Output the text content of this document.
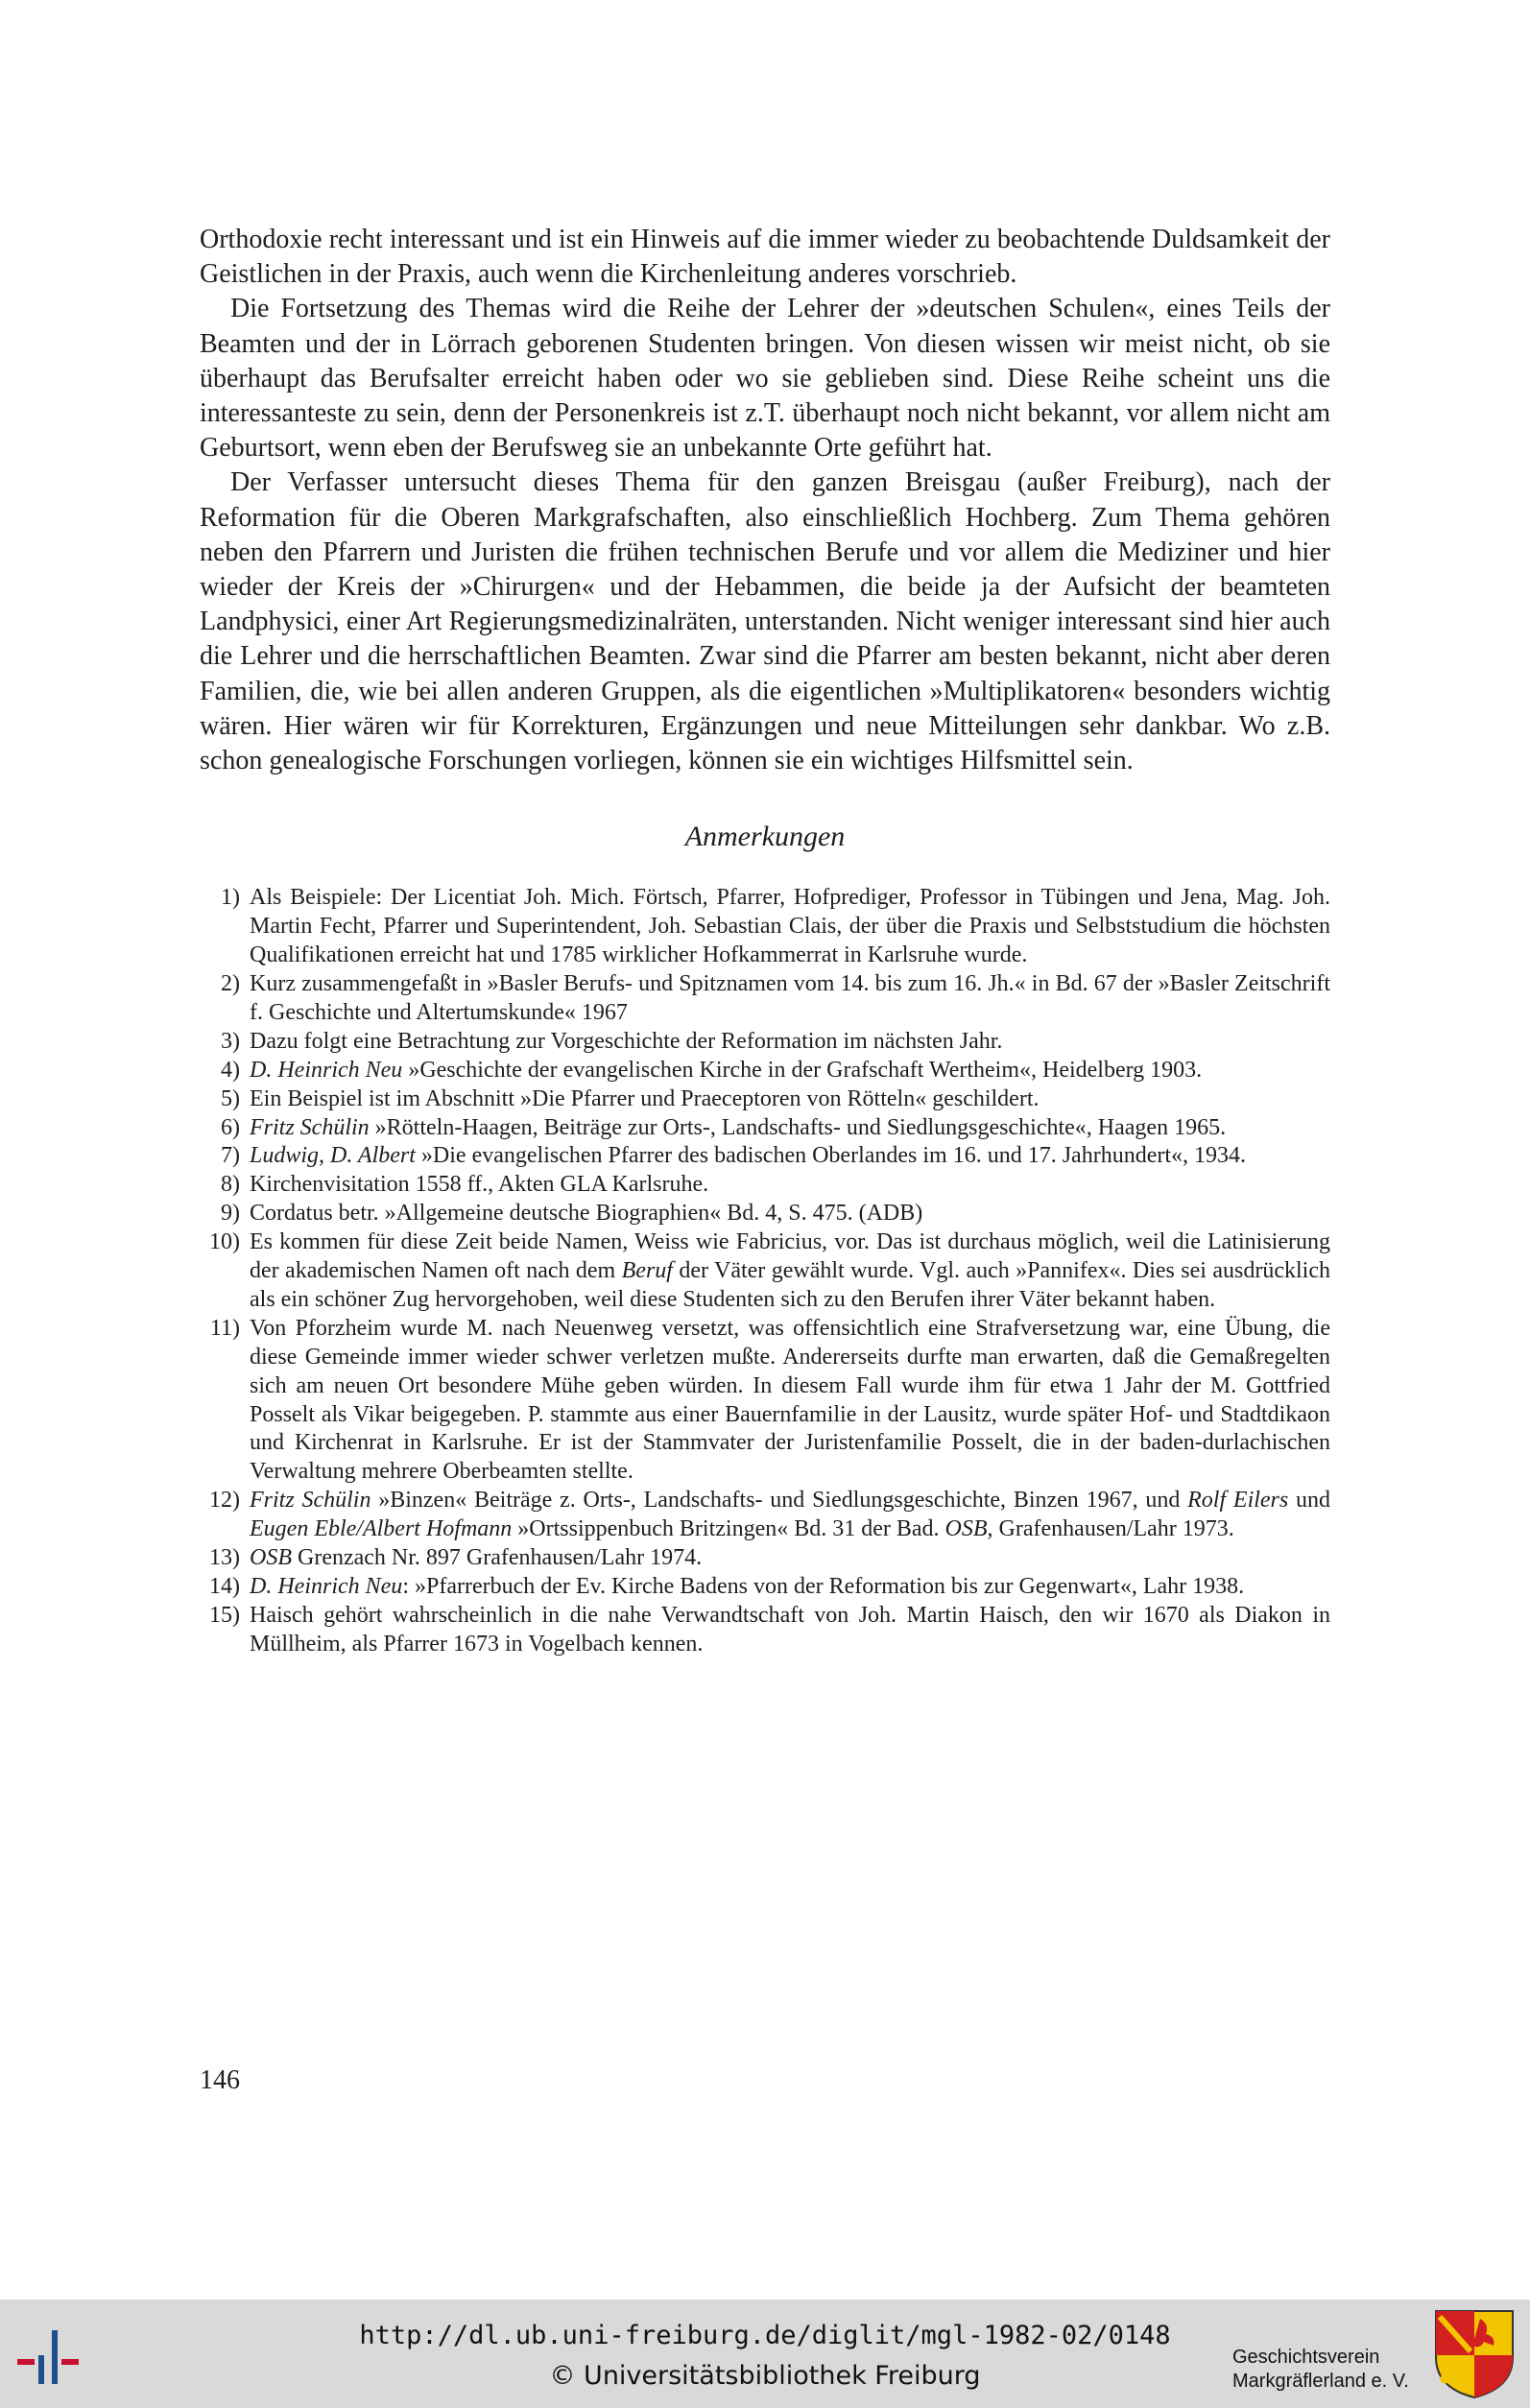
Orthodoxie recht interessant und ist ein Hinweis auf die immer wieder zu beobachtende Duldsamkeit der Geistlichen in der Praxis, auch wenn die Kirchenleitung anderes vorschrieb.

Die Fortsetzung des Themas wird die Reihe der Lehrer der »deutschen Schulen«, eines Teils der Beamten und der in Lörrach geborenen Studenten bringen. Von diesen wissen wir meist nicht, ob sie überhaupt das Berufsalter erreicht haben oder wo sie geblieben sind. Diese Reihe scheint uns die interessanteste zu sein, denn der Personenkreis ist z.T. überhaupt noch nicht bekannt, vor allem nicht am Geburtsort, wenn eben der Berufsweg sie an unbekannte Orte geführt hat.

Der Verfasser untersucht dieses Thema für den ganzen Breisgau (außer Freiburg), nach der Reformation für die Oberen Markgrafschaften, also einschließlich Hochberg. Zum Thema gehören neben den Pfarrern und Juristen die frühen technischen Berufe und vor allem die Mediziner und hier wieder der Kreis der »Chirurgen« und der Hebammen, die beide ja der Aufsicht der beamteten Landphysici, einer Art Regierungsmedizinalräten, unterstanden. Nicht weniger interessant sind hier auch die Lehrer und die herrschaftlichen Beamten. Zwar sind die Pfarrer am besten bekannt, nicht aber deren Familien, die, wie bei allen anderen Gruppen, als die eigentlichen »Multiplikatoren« besonders wichtig wären. Hier wären wir für Korrekturen, Ergänzungen und neue Mitteilungen sehr dankbar. Wo z.B. schon genealogische Forschungen vorliegen, können sie ein wichtiges Hilfsmittel sein.

Anmerkungen
1) Als Beispiele: Der Licentiat Joh. Mich. Förtsch, Pfarrer, Hofprediger, Professor in Tübingen und Jena, Mag. Joh. Martin Fecht, Pfarrer und Superintendent, Joh. Sebastian Clais, der über die Praxis und Selbststudium die höchsten Qualifikationen erreicht hat und 1785 wirklicher Hofkammerrat in Karlsruhe wurde.
2) Kurz zusammengefaßt in »Basler Berufs- und Spitznamen vom 14. bis zum 16. Jh.« in Bd. 67 der »Basler Zeitschrift f. Geschichte und Altertumskunde« 1967
3) Dazu folgt eine Betrachtung zur Vorgeschichte der Reformation im nächsten Jahr.
4) D. Heinrich Neu »Geschichte der evangelischen Kirche in der Grafschaft Wertheim«, Heidelberg 1903.
5) Ein Beispiel ist im Abschnitt »Die Pfarrer und Praeceptoren von Rötteln« geschildert.
6) Fritz Schülin »Rötteln-Haagen, Beiträge zur Orts-, Landschafts- und Siedlungsgeschichte«, Haagen 1965.
7) Ludwig, D. Albert »Die evangelischen Pfarrer des badischen Oberlandes im 16. und 17. Jahrhundert«, 1934.
8) Kirchenvisitation 1558 ff., Akten GLA Karlsruhe.
9) Cordatus betr. »Allgemeine deutsche Biographien« Bd. 4, S. 475. (ADB)
10) Es kommen für diese Zeit beide Namen, Weiss wie Fabricius, vor. Das ist durchaus möglich, weil die Latinisierung der akademischen Namen oft nach dem Beruf der Väter gewählt wurde. Vgl. auch »Pannifex«. Dies sei ausdrücklich als ein schöner Zug hervorgehoben, weil diese Studenten sich zu den Berufen ihrer Väter bekannt haben.
11) Von Pforzheim wurde M. nach Neuenweg versetzt, was offensichtlich eine Strafversetzung war, eine Übung, die diese Gemeinde immer wieder schwer verletzen mußte. Andererseits durfte man erwarten, daß die Gemaßregelten sich am neuen Ort besondere Mühe geben würden. In diesem Fall wurde ihm für etwa 1 Jahr der M. Gottfried Posselt als Vikar beigegeben. P. stammte aus einer Bauernfamilie in der Lausitz, wurde später Hof- und Stadtdikaon und Kirchenrat in Karlsruhe. Er ist der Stammvater der Juristenfamilie Posselt, die in der baden-durlachischen Verwaltung mehrere Oberbeamten stellte.
12) Fritz Schülin »Binzen« Beiträge z. Orts-, Landschafts- und Siedlungsgeschichte, Binzen 1967, und Rolf Eilers und Eugen Eble/Albert Hofmann »Ortssippenbuch Britzingen« Bd. 31 der Bad. OSB, Grafenhausen/Lahr 1973.
13) OSB Grenzach Nr. 897 Grafenhausen/Lahr 1974.
14) D. Heinrich Neu: »Pfarrerbuch der Ev. Kirche Badens von der Reformation bis zur Gegenwart«, Lahr 1938.
15) Haisch gehört wahrscheinlich in die nahe Verwandtschaft von Joh. Martin Haisch, den wir 1670 als Diakon in Müllheim, als Pfarrer 1673 in Vogelbach kennen.
146
http://dl.ub.uni-freiburg.de/diglit/mgl-1982-02/0148
© Universitätsbibliothek Freiburg
Geschichtsverein
Markgräflerland e. V.
